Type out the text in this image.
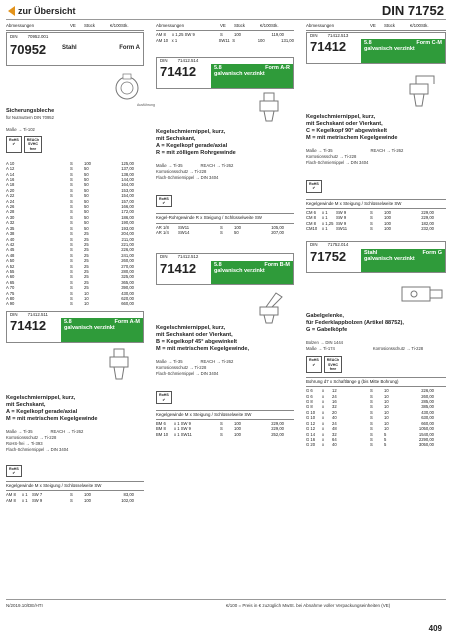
zur Übersicht	DIN 71752
Abmessungen	VE	Stück	€/100Stk.
DIN 70952.001
70952	Stahl	Form A
Ausführung
Sicherungsbleche
für Nutmuttern DIN 70952
Maße → Ti-102
RoHS
✔
REACh
SVHC
free
A 10	S	100	125,00
A 12	S	50	137,00
A 14	S	50	138,00
A 16	S	50	144,00
A 18	S	50	164,00
A 20	S	50	153,00
A 22	S	50	154,00
A 24	S	50	157,00
A 26	S	50	166,00
A 28	S	50	172,00
A 30	S	50	186,00
A 32	S	50	190,00
A 35	S	50	193,00
A 38	S	25	204,00
A 40	S	25	211,00
A 42	S	25	221,00
A 45	S	25	226,00
A 48	S	25	241,00
A 50	S	25	260,00
A 52	S	25	270,00
A 55	S	25	280,00
A 60	S	25	325,00
A 65	S	25	365,00
A 70	S	25	390,00
A 75	S	10	430,00
A 80	S	10	620,00
A 90	S	10	660,00
DIN 71412.511
71412	5.8	Form A-M
galvanisch verzinkt
Kegelschmiernippel, kurz,
mit Sechskant,
A = Kegelkopf gerade/axial
M = mit metrischem Kegelgewinde
Maße → Ti-35	REACH → Ti-262
Korrosionsschutz → Ti-228
RoHS-frei → Ti-393
Flach-Schmiernippel → DIN 3404
RoHS
✔
Kegelgewinde M x Steigung / Schlüsselweite SW
AM 8	x 1	SW 7	S	100	83,00
AM 8	x 1	SW 9	S	100	102,00
Abmessungen	VE	Stück	€/100Stk.
AM 8	x 1,25 SW 9	S	100	119,00
AM 10 x 1	SW11 S	100	131,00
DIN 71412.514
71412	5.8	Form A-R
galvanisch verzinkt
Kegelschmiernippel, kurz,
mit Sechskant,
A = Kegelkopf gerade/axial
R = mit zölligem Rohrgewinde
Maße → Ti-35	REACH → Ti-262
Korrosionsschutz → Ti-228
Flach-Schmiernippel → DIN 3404
RoHS
✔
Kegel-Rohrgewinde R x Steigung / Schlüsselweite SW
AR 1/8	SW11	S	100	105,00
AR 1/4	SW14	S	50	207,00
DIN 71412.512
71412	5.8	Form B-M
galvanisch verzinkt
Kegelschmiernippel, kurz,
mit Sechskant oder Vierkant,
B = Kegelkopf 45° abgewinkelt
M = mit metrischem Kegelgewinde,
Maße → Ti-35	REACH → Ti-262
Korrosionsschutz → Ti-228
Flach-Schmiernippel → DIN 3404
RoHS
✔
Kegelgewinde M x Steigung / Schlüsselweite SW
BM 6	x 1 SW 9	S	100	229,00
BM 8	x 1 SW 9	S	100	229,00
BM 10	x 1 SW11	S	100	252,00
Abmessungen	VE	Stück	€/100Stk.
DIN 71412.513
71412	5.8	Form C-M
galvanisch verzinkt
Kegelschmiernippel, kurz,
mit Sechskant oder Vierkant,
C = Kegelkopf 90° abgewinkelt
M = mit metrischem Kegelgewinde
Maße → Ti-35	REACH → Ti-262
Korrosionsschutz → Ti-228
Flach-Schmiernippel → DIN 3404
RoHS
✔
Kegelgewinde M x Steigung / Schlüsselweite SW
CM 6	x 1	SW 9	S	100	229,00
CM 8	x 1	SW 9	S	100	229,00
CM 8	x 1,25 SW 9	S	100	182,00
CM10	x 1	SW11	S	100	232,00
DIN 71752.014
71752	Stahl	Form G
galvanisch verzinkt
Gabelgelenke,
für Federklappbolzen (Artikel 88752),
G = Gabelköpfe
Bolzen → DIN 1444
Maße → Ti-174	Korrosionsschutz → Ti-228
RoHS
✔
REACh
SVHC
free
Bohrung d7 x Schaftlänge g (bis Mitte Bohrung)
G 6	x	12	S	10	226,00
G 6	x	24	S	10	260,00
G 8	x	16	S	10	285,00
G 8	x	32	S	10	385,00
G 10	x	20	S	10	430,00
G 10	x	40	S	10	630,00
G 12	x	24	S	10	660,00
G 12	x	48	S	10	1050,00
G 14	x	32	S	5	1540,00
G 16	x	64	S	5	2290,00
G 20	x	40	S	5	3050,00
N/2019.10/DE/HTI	€/100 = Preis in € zuzüglich MwSt. bei Abnahme voller Verpackungseinheiten (VE)
409
